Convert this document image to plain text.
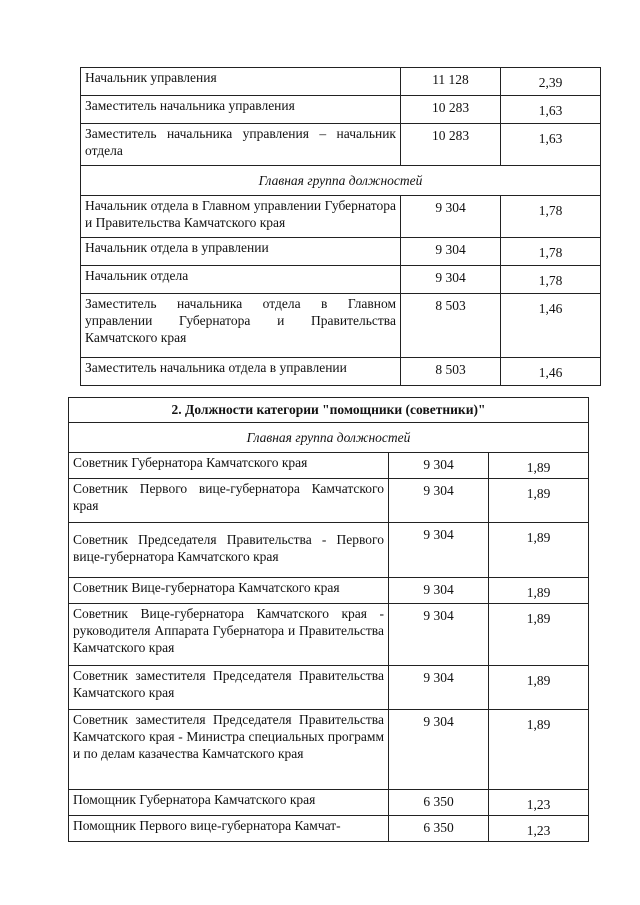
Начальник управления	11 128	2,39
Заместитель начальника управления	10 283	1,63
Заместитель начальника управления – начальник отдела	10 283	1,63
Главная группа должностей		
Начальник отдела в Главном управлении Губернатора и Правительства Камчатского края	9 304	1,78
Начальник отдела в управлении	9 304	1,78
Начальник отдела	9 304	1,78
Заместитель начальника отдела в Главном управлении Губернатора и Правительства Камчатского края	8 503	1,46
Заместитель начальника отдела в управлении	8 503	1,46
2. Должности категории "помощники (советники)"		
Главная группа должностей		
Советник Губернатора Камчатского края	9 304	1,89
Советник Первого вице-губернатора Камчатского края	9 304	1,89
Советник Председателя Правительства - Первого вице-губернатора Камчатского края	9 304	1,89
Советник Вице-губернатора Камчатского края	9 304	1,89
Советник Вице-губернатора Камчатского края - руководителя Аппарата Губернатора и Правительства Камчатского края	9 304	1,89
Советник заместителя Председателя Правительства Камчатского края	9 304	1,89
Советник заместителя Председателя Правительства Камчатского края - Министра специальных программ и по делам казачества Камчатского края	9 304	1,89
Помощник Губернатора Камчатского края	6 350	1,23
Помощник Первого вице-губернатора Камчат-	6 350	1,23
